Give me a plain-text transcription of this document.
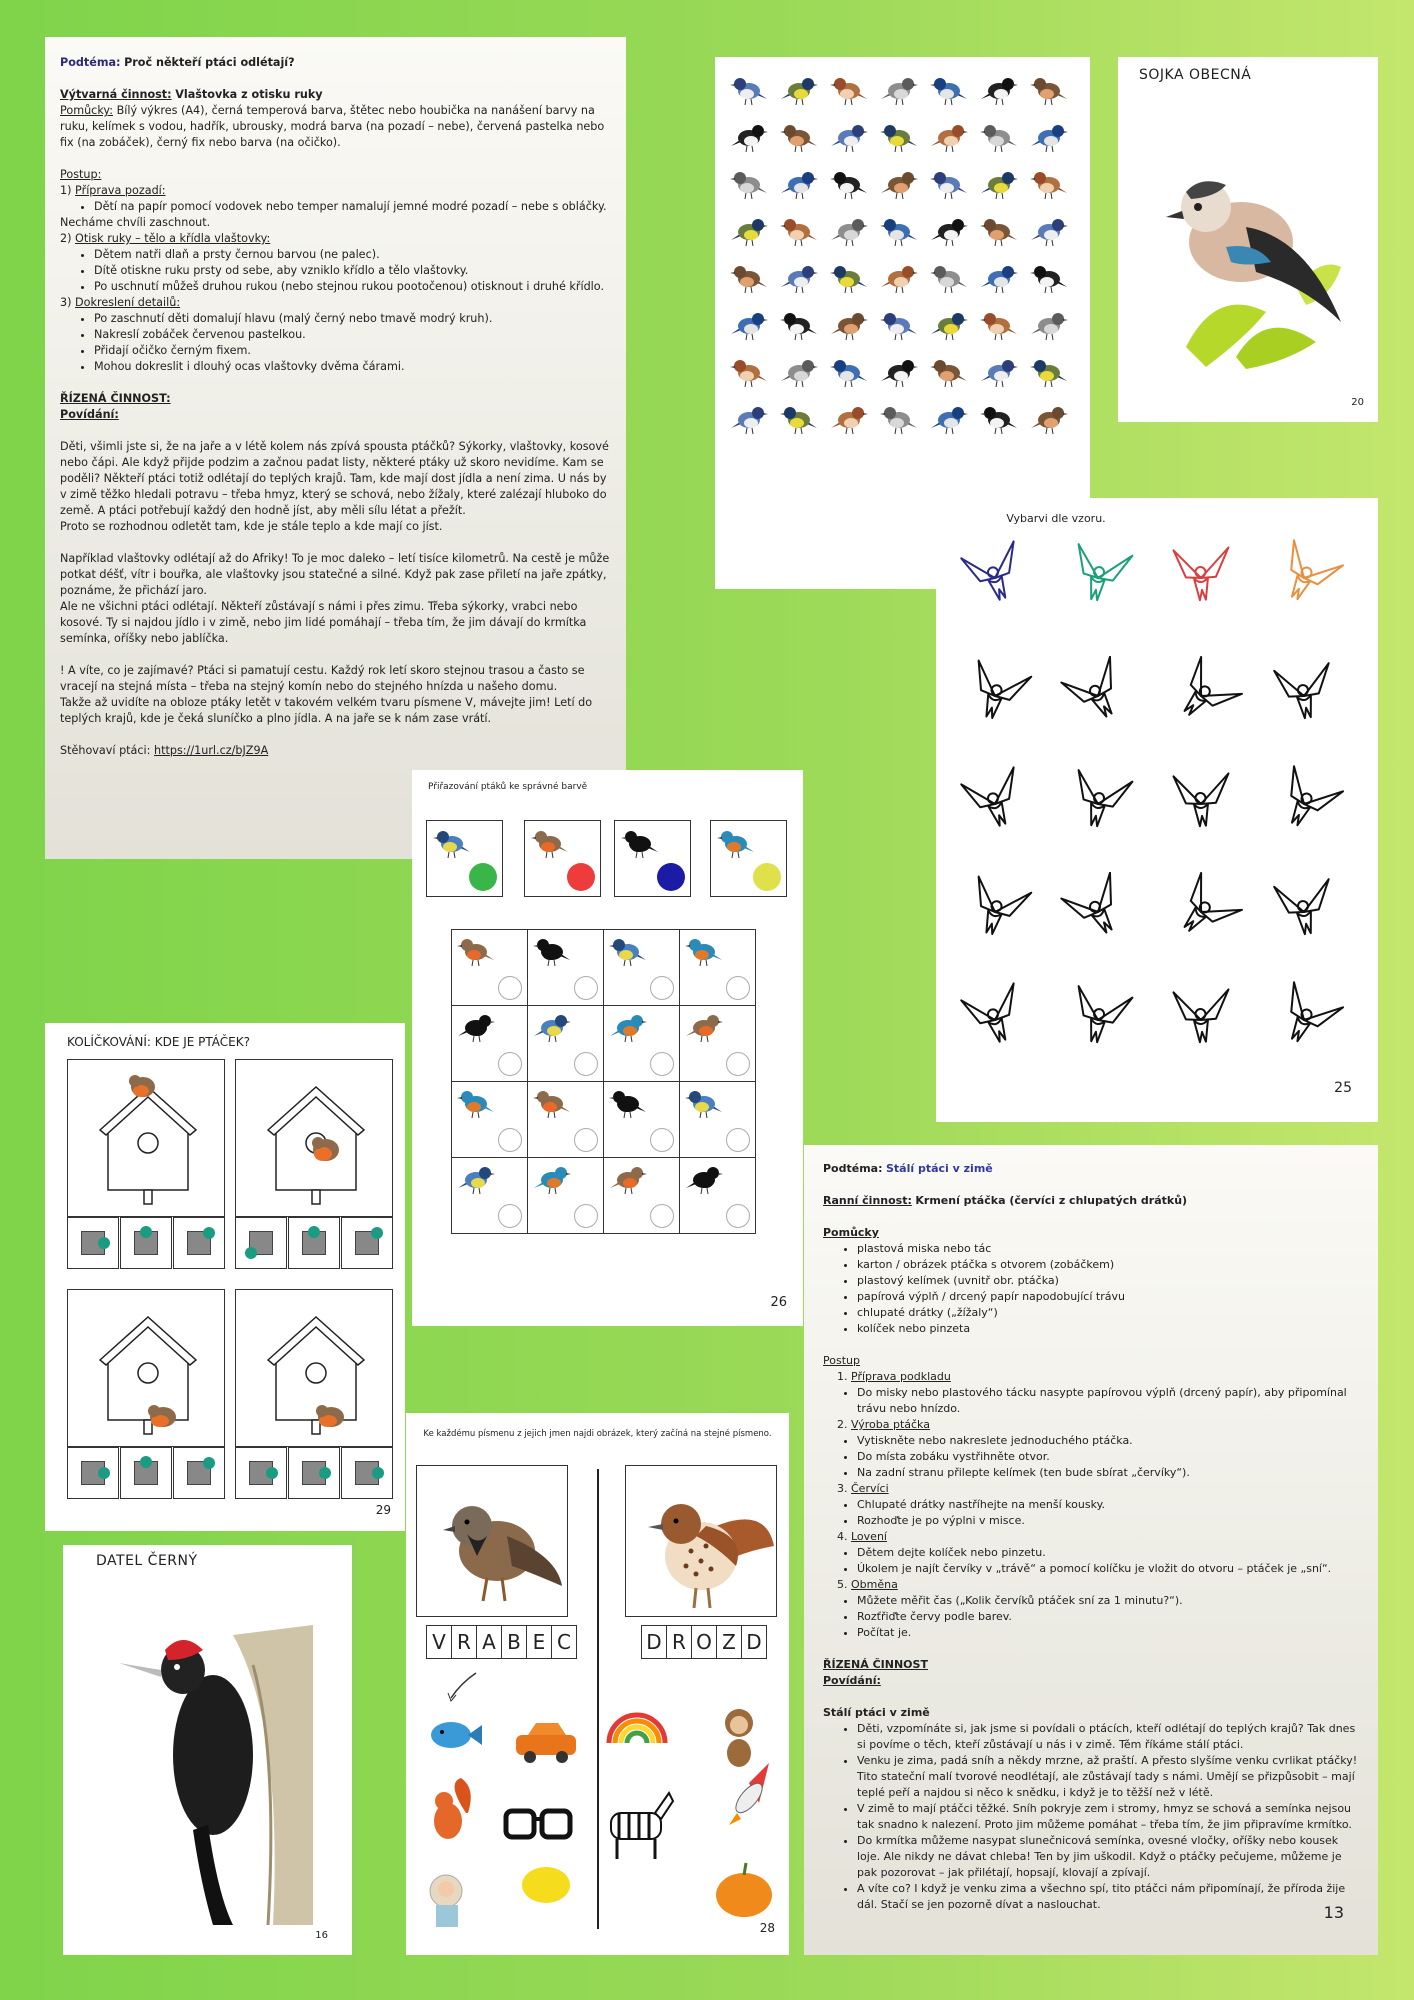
Podtéma: Proč někteří ptáci odlétají?

Výtvarná činnost: Vlaštovka z otisku ruky

Pomůcky: Bílý výkres (A4), černá temperová barva, štětec nebo houbička na nanášení barvy na ruku, kelímek s vodou, hadřík, ubrousky, modrá barva (na pozadí – nebe), červená pastelka nebo fix (na zobáček), černý fix nebo barva (na očičko).

Postup:

1) Příprava pozadí:

• Dětí na papír pomocí vodovek nebo temper namalují jemné modré pozadí – nebe s obláčky.

Necháme chvíli zaschnout.

2) Otisk ruky – tělo a křídla vlaštovky:

• Dětem natři dlaň a prsty černou barvou (ne palec).
• Dítě otiskne ruku prsty od sebe, aby vzniklo křídlo a tělo vlaštovky.
• Po uschnutí můžeš druhou rukou (nebo stejnou rukou pootočenou) otisknout i druhé křídlo.

3) Dokreslení detailů:

• Po zaschnutí děti domalují hlavu (malý černý nebo tmavě modrý kruh).
• Nakreslí zobáček červenou pastelkou.
• Přidají očičko černým fixem.
• Mohou dokreslit i dlouhý ocas vlaštovky dvěma čárami.

ŘÍZENÁ ČINNOST:

Povídání:

Děti, všimli jste si, že na jaře a v létě kolem nás zpívá spousta ptáčků? Sýkorky, vlaštovky, kosové nebo čápi. Ale když přijde podzim a začnou padat listy, některé ptáky už skoro nevidíme. Kam se poděli? Někteří ptáci totiž odlétají do teplých krajů. Tam, kde mají dost jídla a není zima. U nás by v zimě těžko hledali potravu – třeba hmyz, který se schová, nebo žížaly, které zalézají hluboko do země. A ptáci potřebují každý den hodně jíst, aby měli sílu létat a přežít.

Proto se rozhodnou odletět tam, kde je stále teplo a kde mají co jíst.

Například vlaštovky odlétají až do Afriky! To je moc daleko – letí tisíce kilometrů. Na cestě je může potkat déšť, vítr i bouřka, ale vlaštovky jsou statečné a silné. Když pak zase přiletí na jaře zpátky, poznáme, že přichází jaro.

Ale ne všichni ptáci odlétají. Někteří zůstávají s námi i přes zimu. Třeba sýkorky, vrabci nebo kosové. Ty si najdou jídlo i v zimě, nebo jim lidé pomáhají – třeba tím, že jim dávají do krmítka semínka, oříšky nebo jablíčka.

! A víte, co je zajímavé? Ptáci si pamatují cestu. Každý rok letí skoro stejnou trasou a často se vracejí na stejná místa – třeba na stejný komín nebo do stejného hnízda u našeho domu.

Takže až uvidíte na obloze ptáky letět v takovém velkém tvaru písmene V, mávejte jim! Letí do teplých krajů, kde je čeká sluníčko a plno jídla. A na jaře se k nám zase vrátí.

Stěhovaví ptáci: https://1url.cz/bJZ9A

SOJKA OBECNÁ
20
Vybarvi dle vzoru.
25
Přiřazování ptáků ke správné barvě
26
KOLÍČKOVÁNÍ: KDE JE PTÁČEK?
29
DATEL ČERNÝ
16
Ke každému písmenu z jejich jmen najdi obrázek, který začíná na stejné písmeno.
V R A B E C	D R O Z D
28

Podtéma: Stálí ptáci v zimě

Ranní činnost: Krmení ptáčka (červíci z chlupatých drátků)

Pomůcky

• plastová miska nebo tác
• karton / obrázek ptáčka s otvorem (zobáčkem)
• plastový kelímek (uvnitř obr. ptáčka)
• papírová výplň / drcený papír napodobující trávu
• chlupaté drátky („žížaly“)
• kolíček nebo pinzeta

Postup

1. Příprava podkladu
• Do misky nebo plastového tácku nasypte papírovou výplň (drcený papír), aby připomínal trávu nebo hnízdo.
2. Výroba ptáčka
• Vytiskněte nebo nakreslete jednoduchého ptáčka.
• Do místa zobáku vystřihněte otvor.
• Na zadní stranu přilepte kelímek (ten bude sbírat „červíky“).
3. Červíci
• Chlupaté drátky nastříhejte na menší kousky.
• Rozhoďte je po výplni v misce.
4. Lovení
• Dětem dejte kolíček nebo pinzetu.
• Úkolem je najít červíky v „trávě“ a pomocí kolíčku je vložit do otvoru – ptáček je „sní“.
5. Obměna
• Můžete měřit čas („Kolik červíků ptáček sní za 1 minutu?“).
• Rozťřiďte červy podle barev.
• Počítat je.

ŘÍZENÁ ČINNOST

Povídání:

Stálí ptáci v zimě

• Děti, vzpomínáte si, jak jsme si povídali o ptácích, kteří odlétají do teplých krajů? Tak dnes si povíme o těch, kteří zůstávají u nás i v zimě. Těm říkáme stálí ptáci.
• Venku je zima, padá sníh a někdy mrzne, až praští. A přesto slyšíme venku cvrlikat ptáčky! Tito stateční malí tvorové neodlétají, ale zůstávají tady s námi. Umějí se přizpůsobit – mají teplé peří a najdou si něco k snědku, i když je to těžší než v létě.
• V zimě to mají ptáčci těžké. Sníh pokryje zem i stromy, hmyz se schová a semínka nejsou tak snadno k nalezení. Proto jim můžeme pomáhat – třeba tím, že jim připravíme krmítko.
• Do krmítka můžeme nasypat slunečnicová semínka, ovesné vločky, oříšky nebo kousek loje. Ale nikdy ne dávat chleba! Ten by jim uškodil. Když o ptáčky pečujeme, můžeme je pak pozorovat – jak přilétají, hopsají, klovají a zpívají.
• A víte co? I když je venku zima a všechno spí, tito ptáčci nám připomínají, že příroda žije dál. Stačí se jen pozorně dívat a naslouchat.	13
